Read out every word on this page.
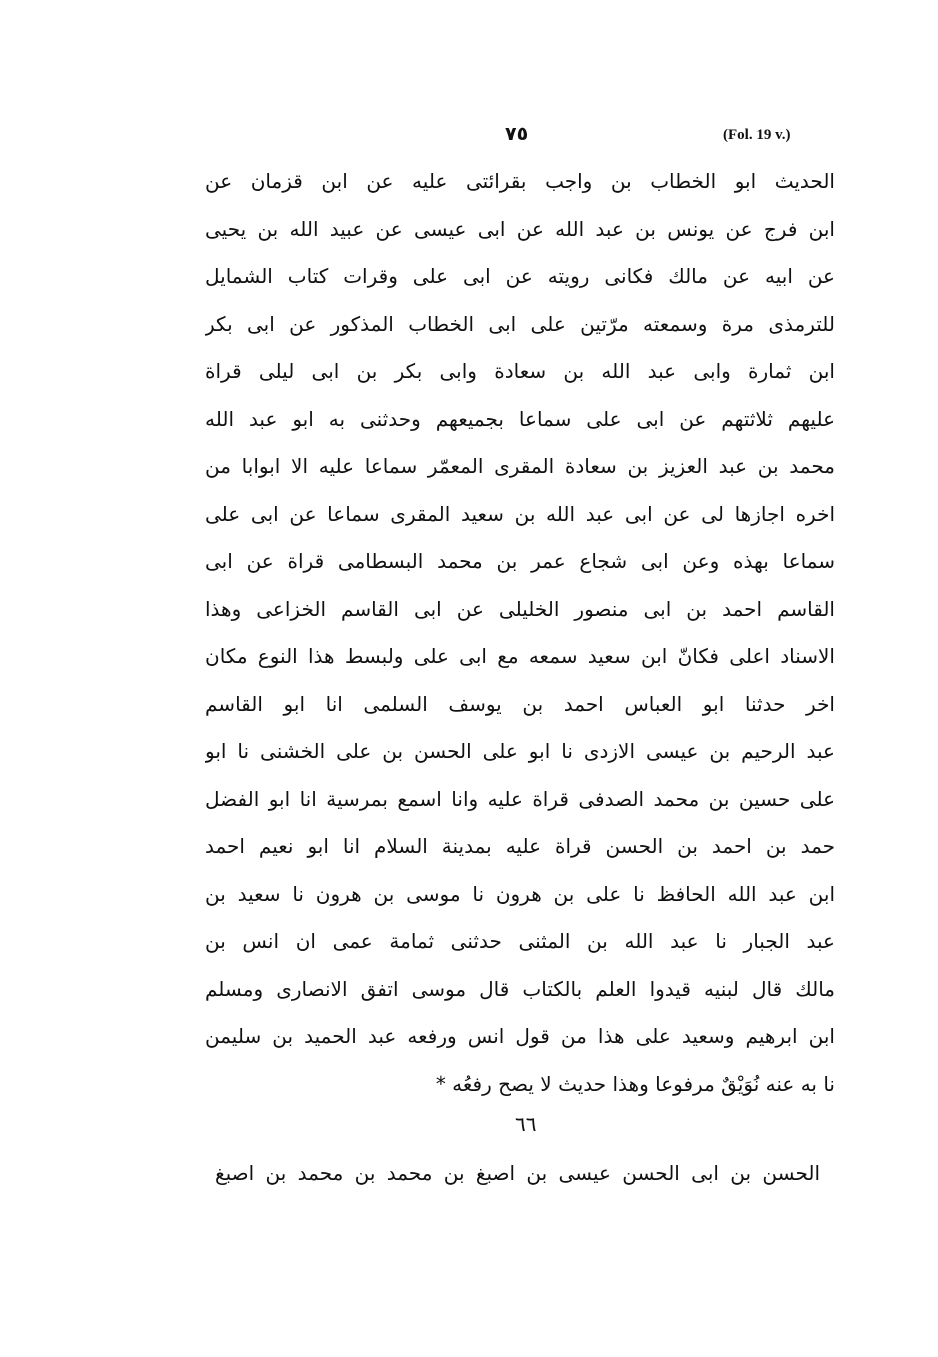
٧٥	(Fol. 19 v.)
الحديث ابو الخطاب بن واجب بقرائتى عليه عن ابن قزمان عن
ابن فرج عن يونس بن عبد الله عن ابى عيسى عن عبيد الله بن يحيى
عن ابيه عن مالك فكانى رويته عن ابى على وقرات كتاب الشمايل
للترمذى مرة وسمعته مرّتين على ابى الخطاب المذكور عن ابى بكر
ابن ثمارة وابى عبد الله بن سعادة وابى بكر بن ابى ليلى قراة
عليهم ثلاثتهم عن ابى على سماعا بجميعهم وحدثنى به ابو عبد الله
محمد بن عبد العزيز بن سعادة المقرى المعمّر سماعا عليه الا ابوابا من
اخره اجازها لى عن ابى عبد الله بن سعيد المقرى سماعا عن ابى على
سماعا بهذه وعن ابى شجاع عمر بن محمد البسطامى قراة عن ابى
القاسم احمد بن ابى منصور الخليلى عن ابى القاسم الخزاعى وهذا
الاسناد اعلى فكانّ ابن سعيد سمعه مع ابى على ولبسط هذا النوع مكان
اخر حدثنا ابو العباس احمد بن يوسف السلمى انا ابو القاسم
عبد الرحيم بن عيسى الازدى نا ابو على الحسن بن على الخشنى نا ابو
على حسين بن محمد الصدفى قراة عليه وانا اسمع بمرسية انا ابو الفضل
حمد بن احمد بن الحسن قراة عليه بمدينة السلام انا ابو نعيم احمد
ابن عبد الله الحافظ نا على بن هرون نا موسى بن هرون نا سعيد بن
عبد الجبار نا عبد الله بن المثنى حدثنى ثمامة عمى ان انس بن
مالك قال لبنيه قيدوا العلم بالكتاب قال موسى اتفق الانصارى ومسلم
ابن ابرهيم وسعيد على هذا من قول انس ورفعه عبد الحميد بن سليمن
نا به عنه نُوَيْقٌ مرفوعا وهذا حديث لا يصح رفعُه *
٦٦
الحسن بن ابى الحسن عيسى بن اصبغ بن محمد بن محمد بن اصبغ
